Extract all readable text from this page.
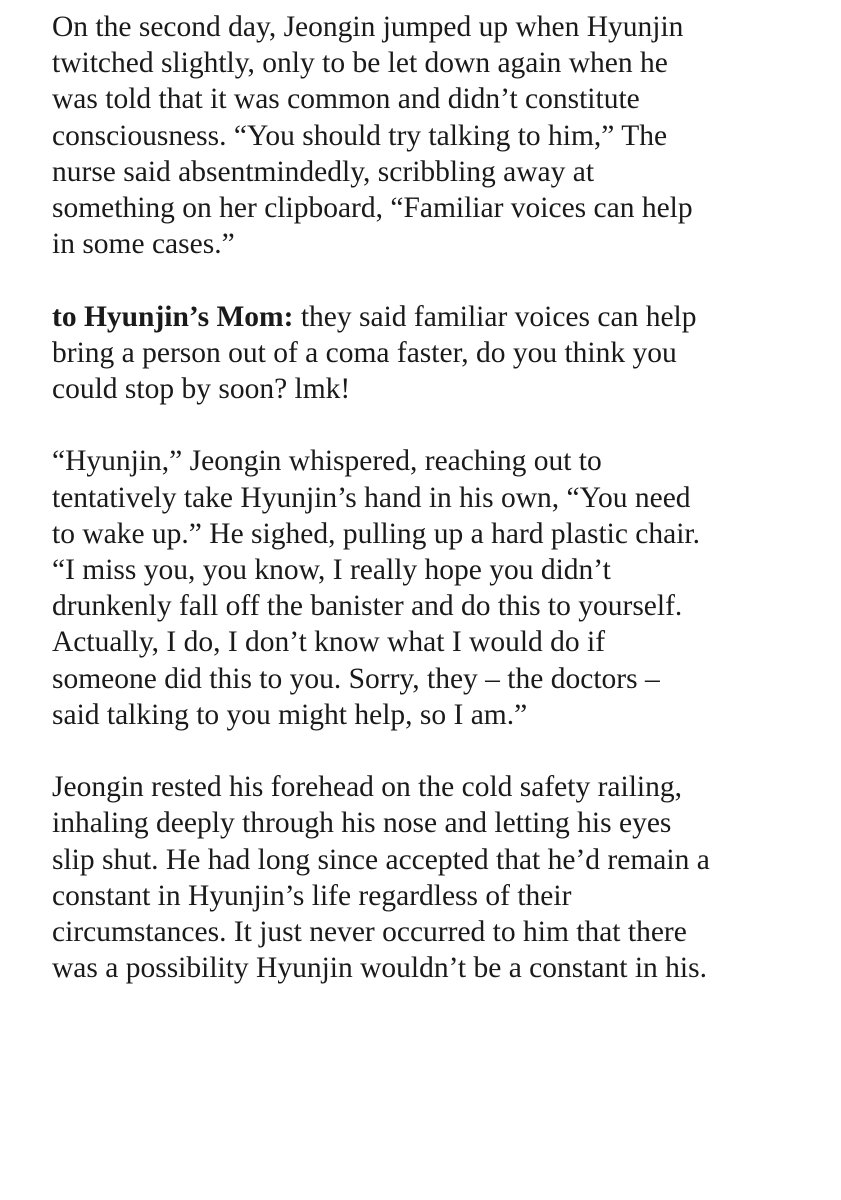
On the second day, Jeongin jumped up when Hyunjin
twitched slightly, only to be let down again when he
was told that it was common and didn’t constitute
consciousness. “You should try talking to him,” The
nurse said absentmindedly, scribbling away at
something on her clipboard, “Familiar voices can help
in some cases.”

to Hyunjin’s Mom: they said familiar voices can help
bring a person out of a coma faster, do you think you
could stop by soon? lmk!

“Hyunjin,” Jeongin whispered, reaching out to
tentatively take Hyunjin’s hand in his own, “You need
to wake up.” He sighed, pulling up a hard plastic chair.
“I miss you, you know, I really hope you didn’t
drunkenly fall off the banister and do this to yourself.
Actually, I do, I don’t know what I would do if
someone did this to you. Sorry, they – the doctors –
said talking to you might help, so I am.”

Jeongin rested his forehead on the cold safety railing,
inhaling deeply through his nose and letting his eyes
slip shut. He had long since accepted that he’d remain a
constant in Hyunjin’s life regardless of their
circumstances. It just never occurred to him that there
was a possibility Hyunjin wouldn’t be a constant in his.
